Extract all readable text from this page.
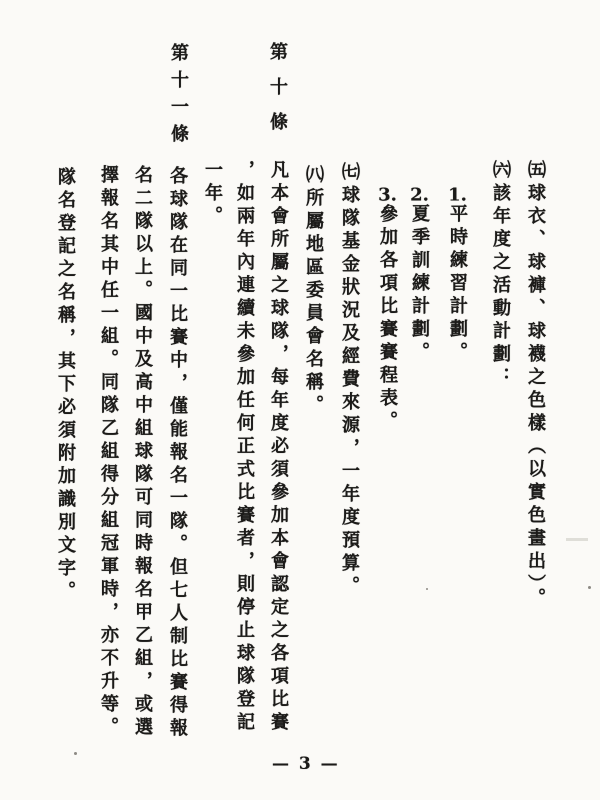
㈤球衣、球褲、球襪之色樣（以實色畫出）。
㈥該年度之活動計劃：
1.平時練習計劃。
2.夏季訓練計劃。
3.參加各項比賽賽程表。
㈦球隊基金狀況及經費來源，一年度預算。
㈧所屬地區委員會名稱。
第十條
凡本會所屬之球隊，每年度必須參加本會認定之各項比賽
，如兩年內連續未參加任何正式比賽者，則停止球隊登記
一年。
第十一條
各球隊在同一比賽中，僅能報名一隊。但七人制比賽得報
名二隊以上。國中及高中組球隊可同時報名甲乙組，或選
擇報名其中任一組。同隊乙組得分組冠軍時，亦不升等。
隊名登記之名稱，其下必須附加識別文字。
— 3 —
